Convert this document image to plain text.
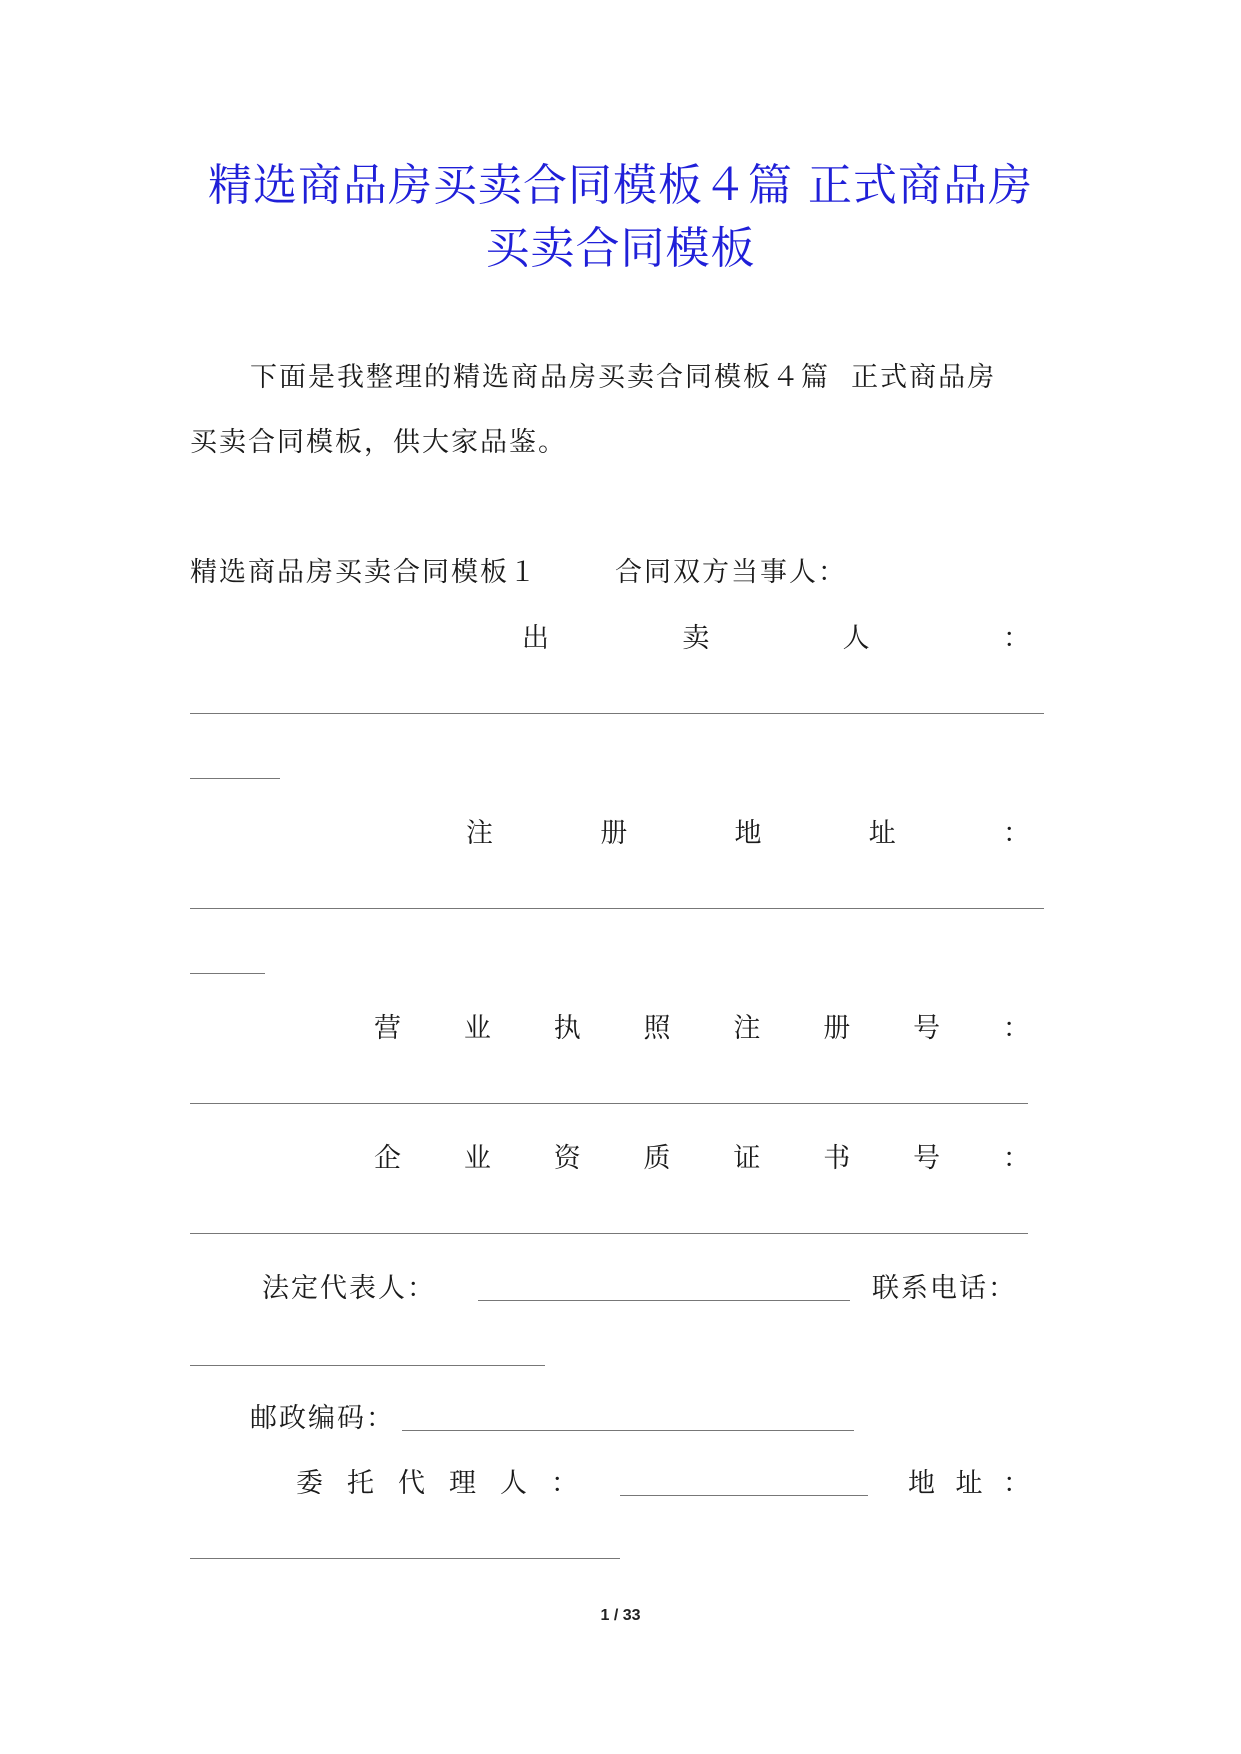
精选商品房买卖合同模板４篇 正式商品房
买卖合同模板
下面是我整理的精选商品房买卖合同模板４篇  正式商品房
买卖合同模板，供大家品鉴。
精选商品房买卖合同模板１	合同双方当事人：
出	卖	人	：
注	册	地	址	：
营 业 执 照 注 册 号 ：
企 业 资 质 证 书 号 ：
法定代表人：	联系电话：
邮政编码：
委 托 代 理 人 ：	地 址 ：
1 / 33
